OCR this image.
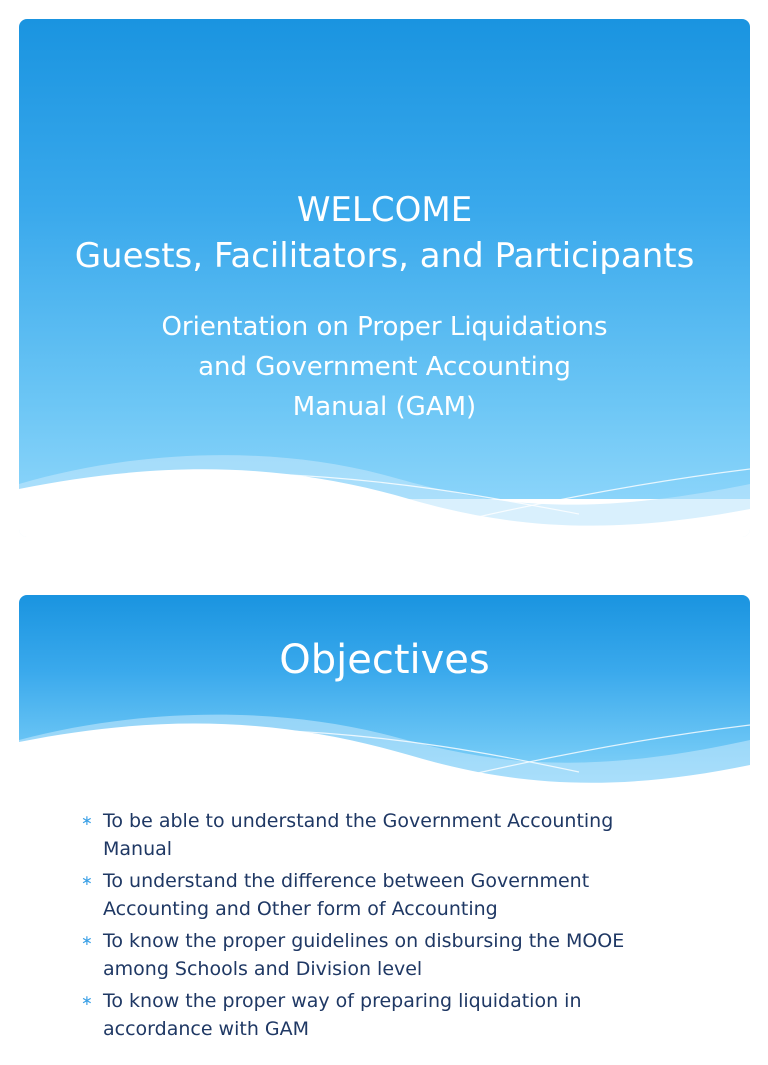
WELCOME
Guests, Facilitators, and Participants
Orientation on Proper Liquidations
and Government Accounting
Manual (GAM)
Objectives
∗ To be able to understand the Government Accounting
Manual
∗ To understand the difference between Government
Accounting and Other form of Accounting
∗ To know the proper guidelines on disbursing the MOOE
among Schools and Division level
∗ To know the proper way of preparing liquidation in
accordance with GAM
